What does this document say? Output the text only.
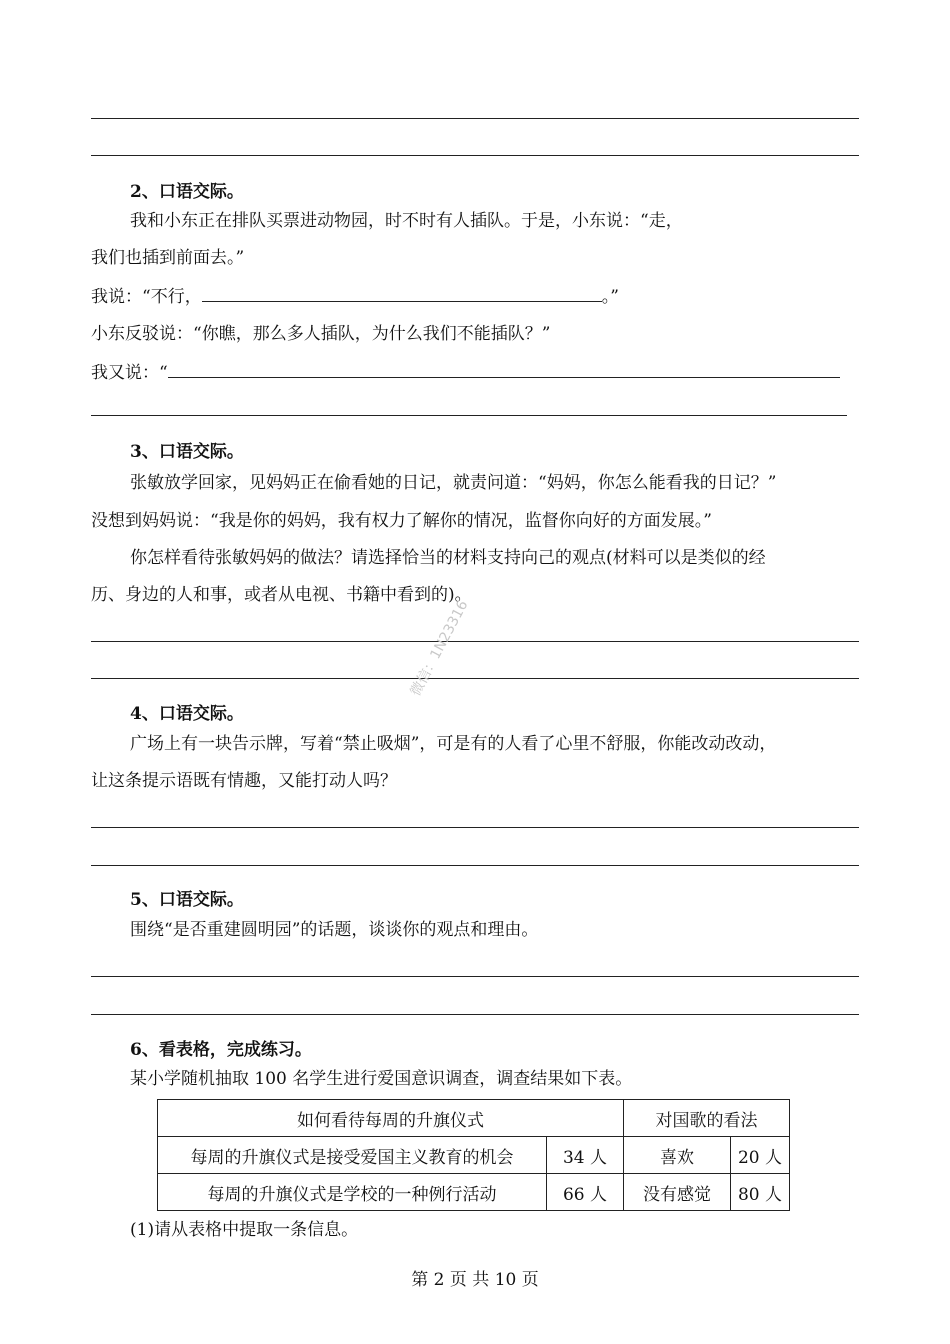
2、口语交际。
我和小东正在排队买票进动物园，时不时有人插队。于是，小东说：“走，
我们也插到前面去。”
我说：“不行，	。”
小东反驳说：“你瞧，那么多人插队，为什么我们不能插队？”
我又说：“
3、口语交际。
张敏放学回家，见妈妈正在偷看她的日记，就责问道：“妈妈，你怎么能看我的日记？”
没想到妈妈说：“我是你的妈妈，我有权力了解你的情况，监督你向好的方面发展。”
你怎样看待张敏妈妈的做法？请选择恰当的材料支持向己的观点(材料可以是类似的经
历、身边的人和事，或者从电视、书籍中看到的)。
4、口语交际。
广场上有一块告示牌，写着“禁止吸烟”，可是有的人看了心里不舒服，你能改动改动，
让这条提示语既有情趣，又能打动人吗？
5、口语交际。
围绕“是否重建圆明园”的话题，谈谈你的观点和理由。
6、看表格，完成练习。
某小学随机抽取 100 名学生进行爱国意识调查，调查结果如下表。
如何看待每周的升旗仪式		对国歌的看法	
每周的升旗仪式是接受爱国主义教育的机会	34 人	喜欢	20 人
每周的升旗仪式是学校的一种例行活动	66 人	没有感觉	80 人
(1)请从表格中提取一条信息。
微信：1N23316
第 2 页 共 10 页
